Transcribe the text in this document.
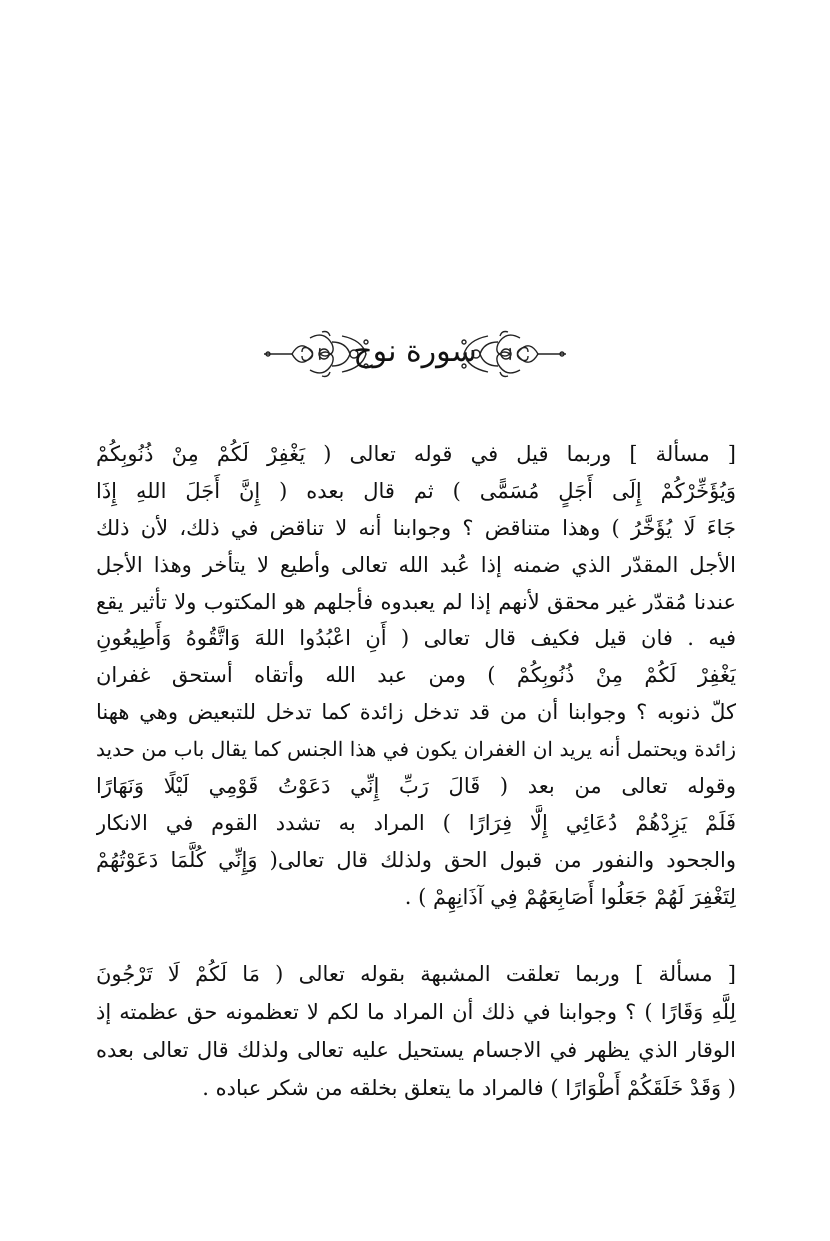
سورة نوح
[ مسألة ] وربما قيل في قوله تعالى ( يَغْفِرْ لَكُمْ مِنْ ذُنُوبِكُمْ
وَيُؤَخِّرْكُمْ إِلَى أَجَلٍ مُسَمًّى ) ثم قال بعده ( إِنَّ أَجَلَ اللهِ إِذَا
جَاءَ لَا يُؤَخَّرُ ) وهذا متناقض ؟ وجوابنا أنه لا تناقض في ذلك، لأن ذلك
الأجل المقدّر الذي ضمنه إذا عُبد الله تعالى وأطيع لا يتأخر وهذا الأجل
عندنا مُقدّر غير محقق لأنهم إذا لم يعبدوه فأجلهم هو المكتوب ولا تأثير يقع
فيه . فان قيل فكيف قال تعالى ( أَنِ اعْبُدُوا اللهَ وَاتَّقُوهُ وَأَطِيعُونِ
يَغْفِرْ لَكُمْ مِنْ ذُنُوبِكُمْ ) ومن عبد الله وأتقاه أستحق غفران
كلّ ذنوبه ؟ وجوابنا أن من قد تدخل زائدة كما تدخل للتبعيض وهي ههنا
زائدة ويحتمل أنه يريد ان الغفران يكون في هذا الجنس كما يقال باب من حديد
وقوله تعالى من بعد ( قَالَ رَبِّ إِنِّي دَعَوْتُ قَوْمِي لَيْلًا وَنَهَارًا
فَلَمْ يَزِدْهُمْ دُعَائِي إِلَّا فِرَارًا ) المراد به تشدد القوم في الانكار
والجحود والنفور من قبول الحق ولذلك قال تعالى( وَإِنِّي كُلَّمَا دَعَوْتُهُمْ
لِتَغْفِرَ لَهُمْ جَعَلُوا أَصَابِعَهُمْ فِي آذَانِهِمْ ) .
[ مسألة ] وربما تعلقت المشبهة بقوله تعالى ( مَا لَكُمْ لَا تَرْجُونَ
لِلَّهِ وَقَارًا ) ؟ وجوابنا في ذلك أن المراد ما لكم لا تعظمونه حق عظمته إذ
الوقار الذي يظهر في الاجسام يستحيل عليه تعالى ولذلك قال تعالى بعده
( وَقَدْ خَلَقَكُمْ أَطْوَارًا ) فالمراد ما يتعلق بخلقه من شكر عباده .
